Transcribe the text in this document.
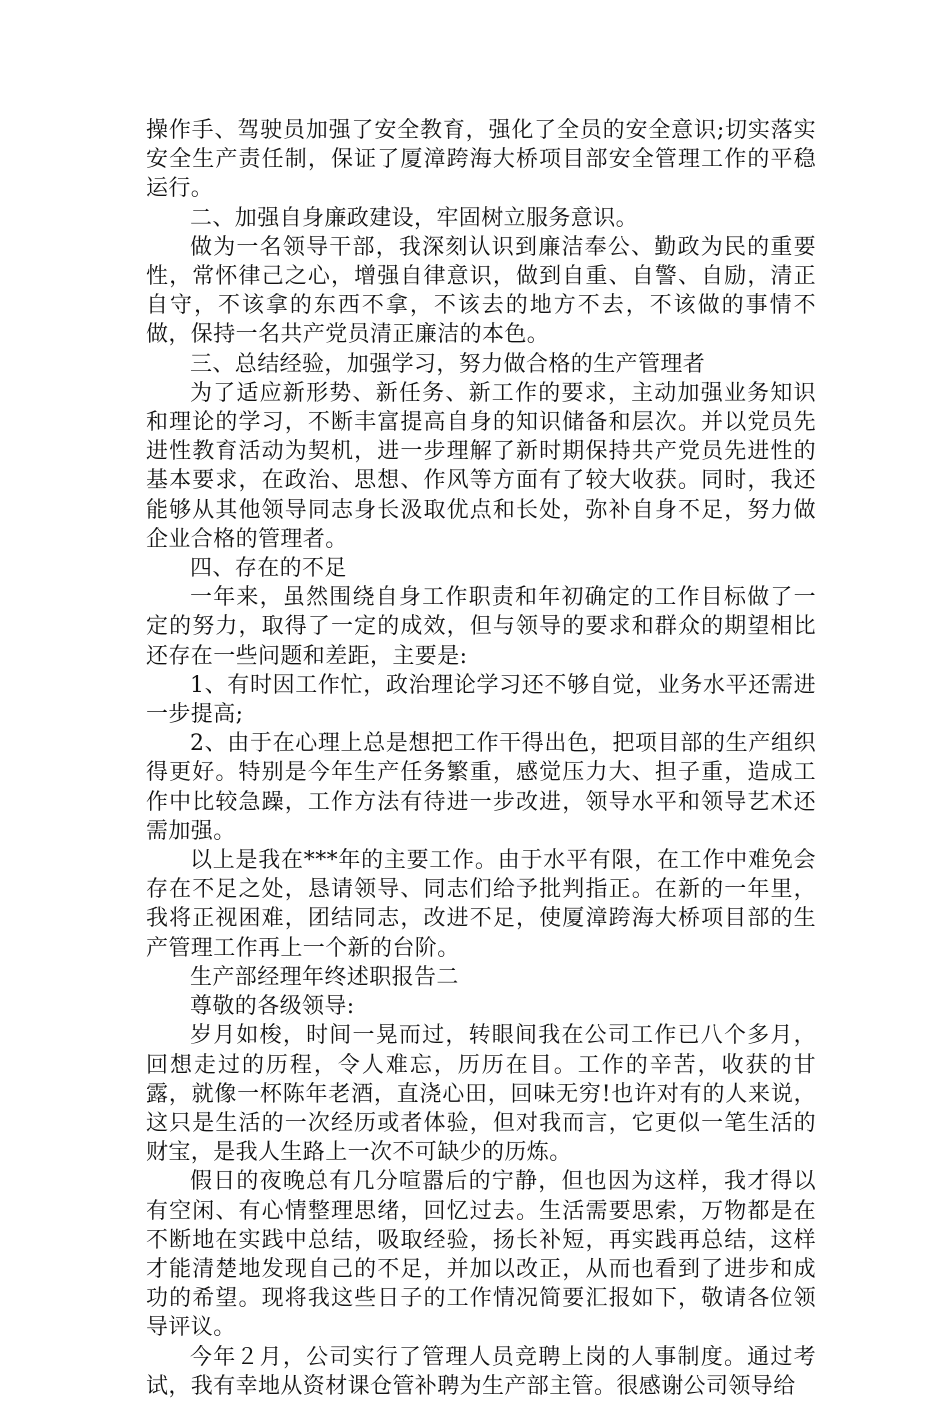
操作手、驾驶员加强了安全教育，强化了全员的安全意识;切实落实安全生产责任制，保证了厦漳跨海大桥项目部安全管理工作的平稳运行。

二、加强自身廉政建设，牢固树立服务意识。

做为一名领导干部，我深刻认识到廉洁奉公、勤政为民的重要性，常怀律己之心，增强自律意识，做到自重、自警、自励，清正自守，不该拿的东西不拿，不该去的地方不去，不该做的事情不做，保持一名共产党员清正廉洁的本色。

三、总结经验，加强学习，努力做合格的生产管理者

为了适应新形势、新任务、新工作的要求，主动加强业务知识和理论的学习，不断丰富提高自身的知识储备和层次。并以党员先进性教育活动为契机，进一步理解了新时期保持共产党员先进性的基本要求，在政治、思想、作风等方面有了较大收获。同时，我还能够从其他领导同志身长汲取优点和长处，弥补自身不足，努力做企业合格的管理者。

四、存在的不足

一年来，虽然围绕自身工作职责和年初确定的工作目标做了一定的努力，取得了一定的成效，但与领导的要求和群众的期望相比还存在一些问题和差距，主要是:

1、有时因工作忙，政治理论学习还不够自觉，业务水平还需进一步提高;

2、由于在心理上总是想把工作干得出色，把项目部的生产组织得更好。特别是今年生产任务繁重，感觉压力大、担子重，造成工作中比较急躁，工作方法有待进一步改进，领导水平和领导艺术还需加强。

以上是我在***年的主要工作。由于水平有限，在工作中难免会存在不足之处，恳请领导、同志们给予批判指正。在新的一年里，我将正视困难，团结同志，改进不足，使厦漳跨海大桥项目部的生产管理工作再上一个新的台阶。

生产部经理年终述职报告二

尊敬的各级领导:

岁月如梭，时间一晃而过，转眼间我在公司工作已八个多月，回想走过的历程，令人难忘，历历在目。工作的辛苦，收获的甘露，就像一杯陈年老酒，直浇心田，回味无穷!也许对有的人来说，这只是生活的一次经历或者体验，但对我而言，它更似一笔生活的财宝，是我人生路上一次不可缺少的历炼。

假日的夜晚总有几分喧嚣后的宁静，但也因为这样，我才得以有空闲、有心情整理思绪，回忆过去。生活需要思索，万物都是在不断地在实践中总结，吸取经验，扬长补短，再实践再总结，这样才能清楚地发现自己的不足，并加以改正，从而也看到了进步和成功的希望。现将我这些日子的工作情况简要汇报如下，敬请各位领导评议。

今年２月，公司实行了管理人员竞聘上岗的人事制度。通过考试，我有幸地从资材课仓管补聘为生产部主管。很感谢公司领导给
